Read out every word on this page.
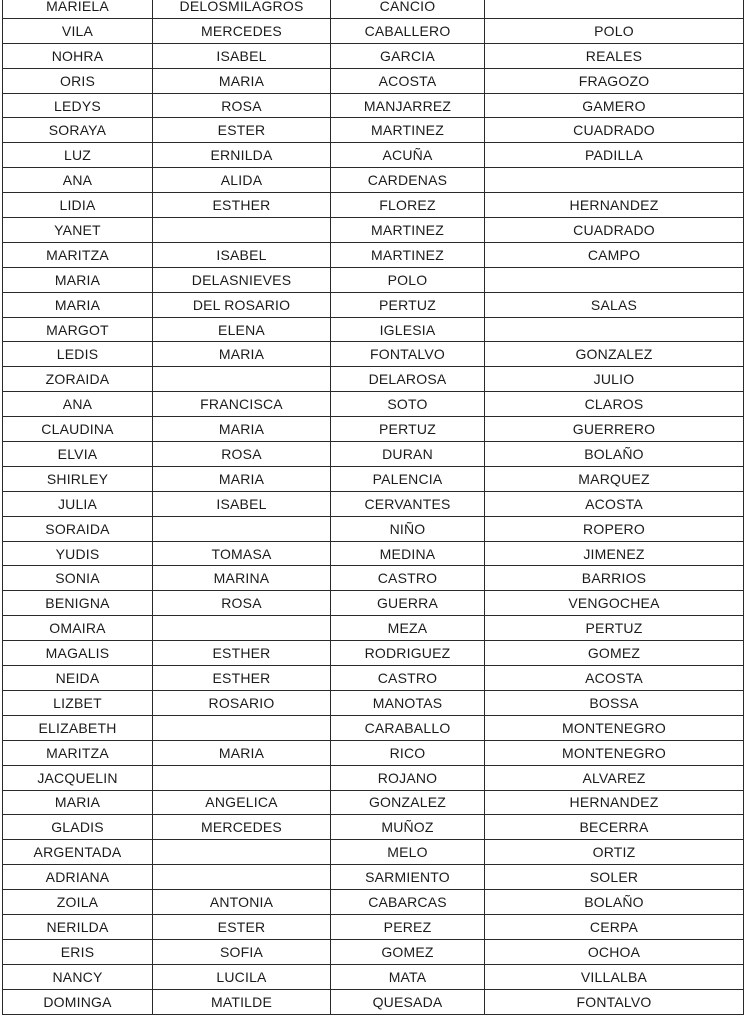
MARIELA	DELOSMILAGROS	CANCIO	
VILA	MERCEDES	CABALLERO	POLO
NOHRA	ISABEL	GARCIA	REALES
ORIS	MARIA	ACOSTA	FRAGOZO
LEDYS	ROSA	MANJARREZ	GAMERO
SORAYA	ESTER	MARTINEZ	CUADRADO
LUZ	ERNILDA	ACUÑA	PADILLA
ANA	ALIDA	CARDENAS	
LIDIA	ESTHER	FLOREZ	HERNANDEZ
YANET		MARTINEZ	CUADRADO
MARITZA	ISABEL	MARTINEZ	CAMPO
MARIA	DELASNIEVES	POLO	
MARIA	DEL ROSARIO	PERTUZ	SALAS
MARGOT	ELENA	IGLESIA	
LEDIS	MARIA	FONTALVO	GONZALEZ
ZORAIDA		DELAROSA	JULIO
ANA	FRANCISCA	SOTO	CLAROS
CLAUDINA	MARIA	PERTUZ	GUERRERO
ELVIA	ROSA	DURAN	BOLAÑO
SHIRLEY	MARIA	PALENCIA	MARQUEZ
JULIA	ISABEL	CERVANTES	ACOSTA
SORAIDA		NIÑO	ROPERO
YUDIS	TOMASA	MEDINA	JIMENEZ
SONIA	MARINA	CASTRO	BARRIOS
BENIGNA	ROSA	GUERRA	VENGOCHEA
OMAIRA		MEZA	PERTUZ
MAGALIS	ESTHER	RODRIGUEZ	GOMEZ
NEIDA	ESTHER	CASTRO	ACOSTA
LIZBET	ROSARIO	MANOTAS	BOSSA
ELIZABETH		CARABALLO	MONTENEGRO
MARITZA	MARIA	RICO	MONTENEGRO
JACQUELIN		ROJANO	ALVAREZ
MARIA	ANGELICA	GONZALEZ	HERNANDEZ
GLADIS	MERCEDES	MUÑOZ	BECERRA
ARGENTADA		MELO	ORTIZ
ADRIANA		SARMIENTO	SOLER
ZOILA	ANTONIA	CABARCAS	BOLAÑO
NERILDA	ESTER	PEREZ	CERPA
ERIS	SOFIA	GOMEZ	OCHOA
NANCY	LUCILA	MATA	VILLALBA
DOMINGA	MATILDE	QUESADA	FONTALVO
